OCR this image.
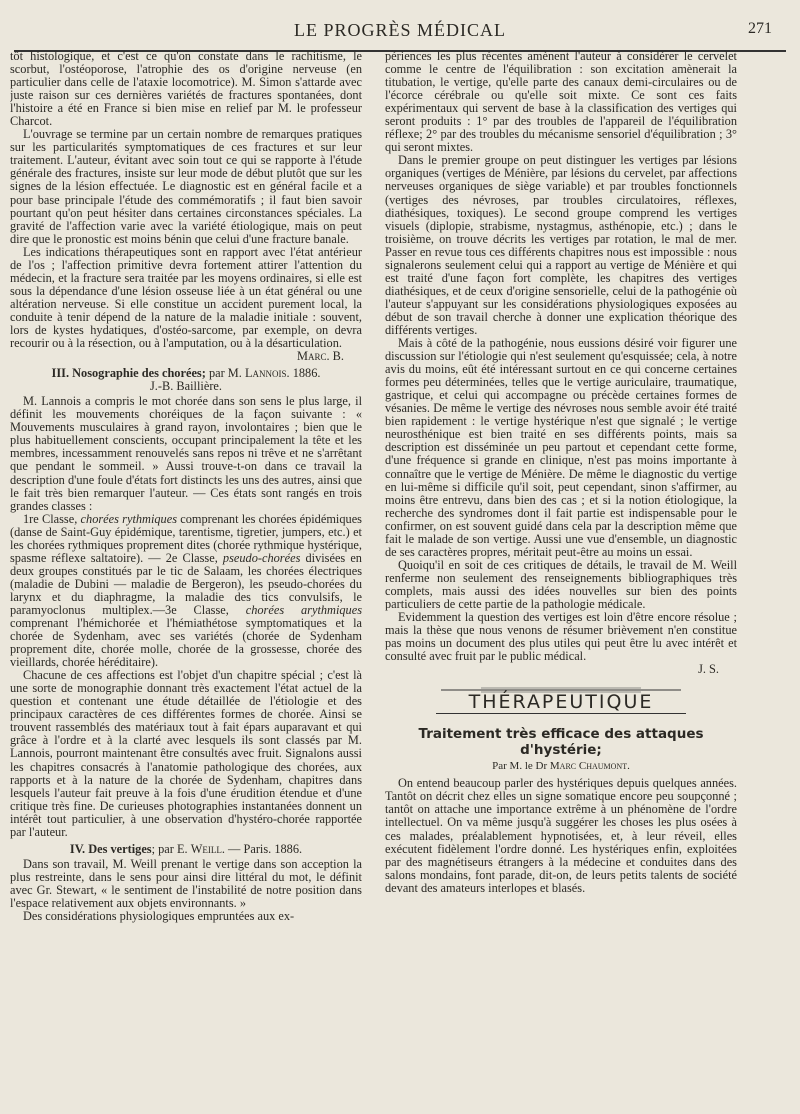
LE PROGRÈS MÉDICAL	271

tôt histologique, et c'est ce qu'on constate dans le rachitisme, le scorbut, l'ostéoporose, l'atrophie des os d'origine nerveuse (en particulier dans celle de l'ataxie locomotrice). M. Simon s'attarde avec juste raison sur ces dernières variétés de fractures spontanées, dont l'histoire a été en France si bien mise en relief par M. le professeur Charcot.

L'ouvrage se termine par un certain nombre de remarques pratiques sur les particularités symptomatiques de ces fractures et sur leur traitement. L'auteur, évitant avec soin tout ce qui se rapporte à l'étude générale des fractures, insiste sur leur mode de début plutôt que sur les signes de la lésion effectuée. Le diagnostic est en général facile et a pour base principale l'étude des commémoratifs ; il faut bien savoir pourtant qu'on peut hésiter dans certaines circonstances spéciales. La gravité de l'affection varie avec la variété étiologique, mais on peut dire que le pronostic est moins bénin que celui d'une fracture banale.

Les indications thérapeutiques sont en rapport avec l'état antérieur de l'os ; l'affection primitive devra fortement attirer l'attention du médecin, et la fracture sera traitée par les moyens ordinaires, si elle est sous la dépendance d'une lésion osseuse liée à un état général ou une altération nerveuse. Si elle constitue un accident purement local, la conduite à tenir dépend de la nature de la maladie initiale : souvent, lors de kystes hydatiques, d'ostéo-sarcome, par exemple, on devra recourir ou à la résection, ou à l'amputation, ou à la désarticulation.

Marc. B.
III. Nosographie des chorées; par M. Lannois. 1886.
J.-B. Baillière.

M. Lannois a compris le mot chorée dans son sens le plus large, il définit les mouvements choréiques de la façon suivante : « Mouvements musculaires à grand rayon, involontaires ; bien que le plus habituellement conscients, occupant principalement la tête et les membres, incessamment renouvelés sans repos ni trêve et ne s'arrêtant que pendant le sommeil. » Aussi trouve-t-on dans ce travail la description d'une foule d'états fort distincts les uns des autres, ainsi que le fait très bien remarquer l'auteur. — Ces états sont rangés en trois grandes classes :

1re Classe, chorées rythmiques comprenant les chorées épidémiques (danse de Saint-Guy épidémique, tarentisme, tigretier, jumpers, etc.) et les chorées rythmiques proprement dites (chorée rythmique hystérique, spasme réflexe saltatoire). — 2e Classe, pseudo-chorées divisées en deux groupes constitués par le tic de Salaam, les chorées électriques (maladie de Dubini — maladie de Bergeron), les pseudo-chorées du larynx et du diaphragme, la maladie des tics convulsifs, le paramyoclonus multiplex.—3e Classe, chorées arythmiques comprenant l'hémichorée et l'hémiathétose symptomatiques et la chorée de Sydenham, avec ses variétés (chorée de Sydenham proprement dite, chorée molle, chorée de la grossesse, chorée des vieillards, chorée héréditaire).

Chacune de ces affections est l'objet d'un chapitre spécial ; c'est là une sorte de monographie donnant très exactement l'état actuel de la question et contenant une étude détaillée de l'étiologie et des principaux caractères de ces différentes formes de chorée. Ainsi se trouvent rassemblés des matériaux tout à fait épars auparavant et qui grâce à l'ordre et à la clarté avec lesquels ils sont classés par M. Lannois, pourront maintenant être consultés avec fruit. Signalons aussi les chapitres consacrés à l'anatomie pathologique des chorées, aux rapports et à la nature de la chorée de Sydenham, chapitres dans lesquels l'auteur fait preuve à la fois d'une érudition étendue et d'une critique très fine. De curieuses photographies instantanées donnent un intérêt tout particulier, à une observation d'hystéro-chorée rapportée par l'auteur.

IV. Des vertiges; par E. Weill. — Paris. 1886.

Dans son travail, M. Weill prenant le vertige dans son acception la plus restreinte, dans le sens pour ainsi dire littéral du mot, le définit avec Gr. Stewart, « le sentiment de l'instabilité de notre position dans l'espace relativement aux objets environnants. »

Des considérations physiologiques empruntées aux ex-

périences les plus récentes amènent l'auteur à considérer le cervelet comme le centre de l'équilibration : son excitation amènerait la titubation, le vertige, qu'elle parte des canaux demi-circulaires ou de l'écorce cérébrale ou qu'elle soit mixte. Ce sont ces faits expérimentaux qui servent de base à la classification des vertiges qui seront produits : 1° par des troubles de l'appareil de l'équilibration réflexe; 2° par des troubles du mécanisme sensoriel d'équilibration ; 3° qui seront mixtes.

Dans le premier groupe on peut distinguer les vertiges par lésions organiques (vertiges de Ménière, par lésions du cervelet, par affections nerveuses organiques de siège variable) et par troubles fonctionnels (vertiges des névroses, par troubles circulatoires, réflexes, diathésiques, toxiques). Le second groupe comprend les vertiges visuels (diplopie, strabisme, nystagmus, asthénopie, etc.) ; dans le troisième, on trouve décrits les vertiges par rotation, le mal de mer. Passer en revue tous ces différents chapitres nous est impossible : nous signalerons seulement celui qui a rapport au vertige de Ménière et qui est traité d'une façon fort complète, les chapitres des vertiges diathésiques, et de ceux d'origine sensorielle, celui de la pathogénie où l'auteur s'appuyant sur les considérations physiologiques exposées au début de son travail cherche à donner une explication théorique des différents vertiges.

Mais à côté de la pathogénie, nous eussions désiré voir figurer une discussion sur l'étiologie qui n'est seulement qu'esquissée; cela, à notre avis du moins, eût été intéressant surtout en ce qui concerne certaines formes peu déterminées, telles que le vertige auriculaire, traumatique, gastrique, et celui qui accompagne ou précède certaines formes de vésanies. De même le vertige des névroses nous semble avoir été traité bien rapidement : le vertige hystérique n'est que signalé ; le vertige neurosthénique est bien traité en ses différents points, mais sa description est disséminée un peu partout et cependant cette forme, d'une fréquence si grande en clinique, n'est pas moins importante à connaître que le vertige de Ménière. De même le diagnostic du vertige en lui-même si difficile qu'il soit, peut cependant, sinon s'affirmer, au moins être entrevu, dans bien des cas ; et si la notion étiologique, la recherche des syndromes dont il fait partie est indispensable pour le confirmer, on est souvent guidé dans cela par la description même que fait le malade de son vertige. Aussi une vue d'ensemble, un diagnostic de ses caractères propres, méritait peut-être au moins un essai.

Quoiqu'il en soit de ces critiques de détails, le travail de M. Weill renferme non seulement des renseignements bibliographiques très complets, mais aussi des idées nouvelles sur bien des points particuliers de cette partie de la pathologie médicale.

Evidemment la question des vertiges est loin d'être encore résolue ; mais la thèse que nous venons de résumer brièvement n'en constitue pas moins un document des plus utiles qui peut être lu avec intérêt et consulté avec fruit par le public médical.

J. S.
THÉRAPEUTIQUE
Traitement très efficace des attaques d'hystérie;
Par M. le Dr Marc Chaumont.

On entend beaucoup parler des hystériques depuis quelques années. Tantôt on décrit chez elles un signe somatique encore peu soupçonné ; tantôt on attache une importance extrême à un phénomène de l'ordre intellectuel. On va même jusqu'à suggérer les choses les plus osées à ces malades, préalablement hypnotisées, et, à leur réveil, elles exécutent fidèlement l'ordre donné. Les hystériques enfin, exploitées par des magnétiseurs étrangers à la médecine et conduites dans des salons mondains, font parade, dit-on, de leurs petits talents de société devant des amateurs interlopes et blasés.
